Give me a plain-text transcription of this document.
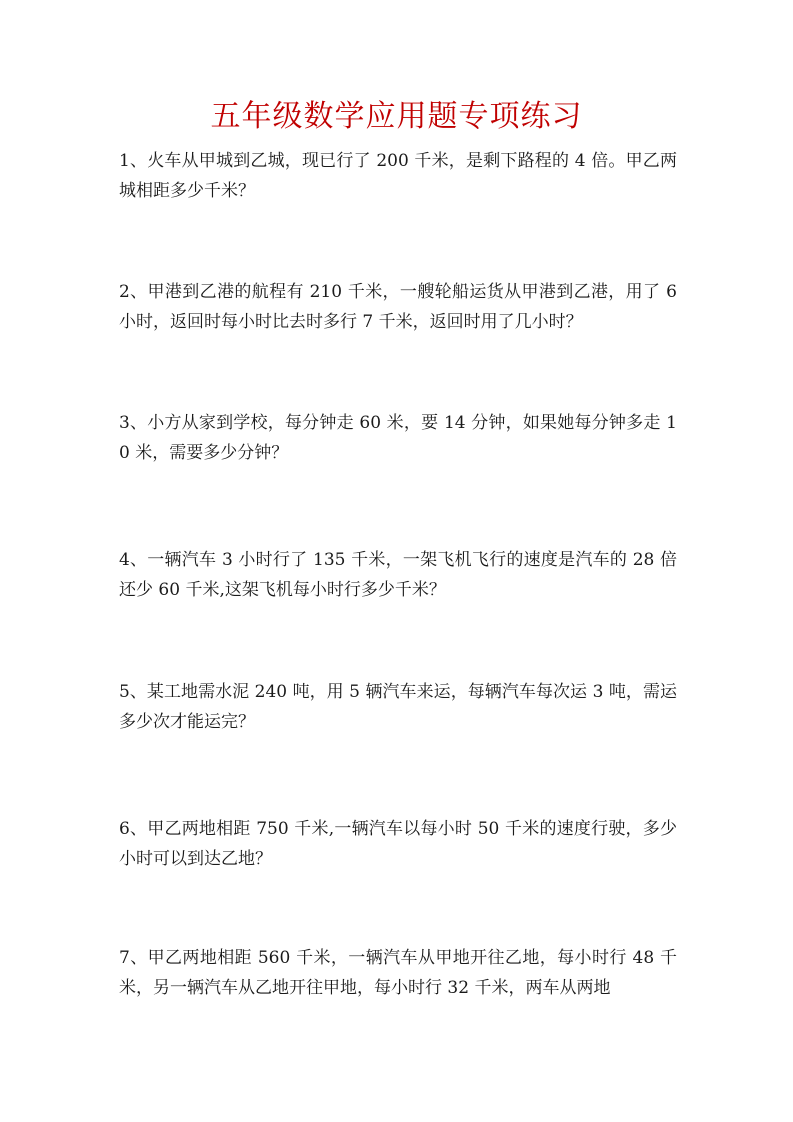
五年级数学应用题专项练习
1、火车从甲城到乙城，现已行了 200 千米，是剩下路程的 4 倍。甲乙两城相距多少千米？
2、甲港到乙港的航程有 210 千米，一艘轮船运货从甲港到乙港，用了 6 小时，返回时每小时比去时多行 7 千米，返回时用了几小时？
3、小方从家到学校，每分钟走 60 米，要 14 分钟，如果她每分钟多走 10 米，需要多少分钟？
4、一辆汽车 3 小时行了 135 千米，一架飞机飞行的速度是汽车的 28 倍还少 60 千米,这架飞机每小时行多少千米？
5、某工地需水泥 240 吨，用 5 辆汽车来运，每辆汽车每次运 3 吨，需运多少次才能运完？
6、甲乙两地相距 750 千米,一辆汽车以每小时 50 千米的速度行驶，多少小时可以到达乙地？
7、甲乙两地相距 560 千米，一辆汽车从甲地开往乙地，每小时行 48 千米，另一辆汽车从乙地开往甲地，每小时行 32 千米，两车从两地
